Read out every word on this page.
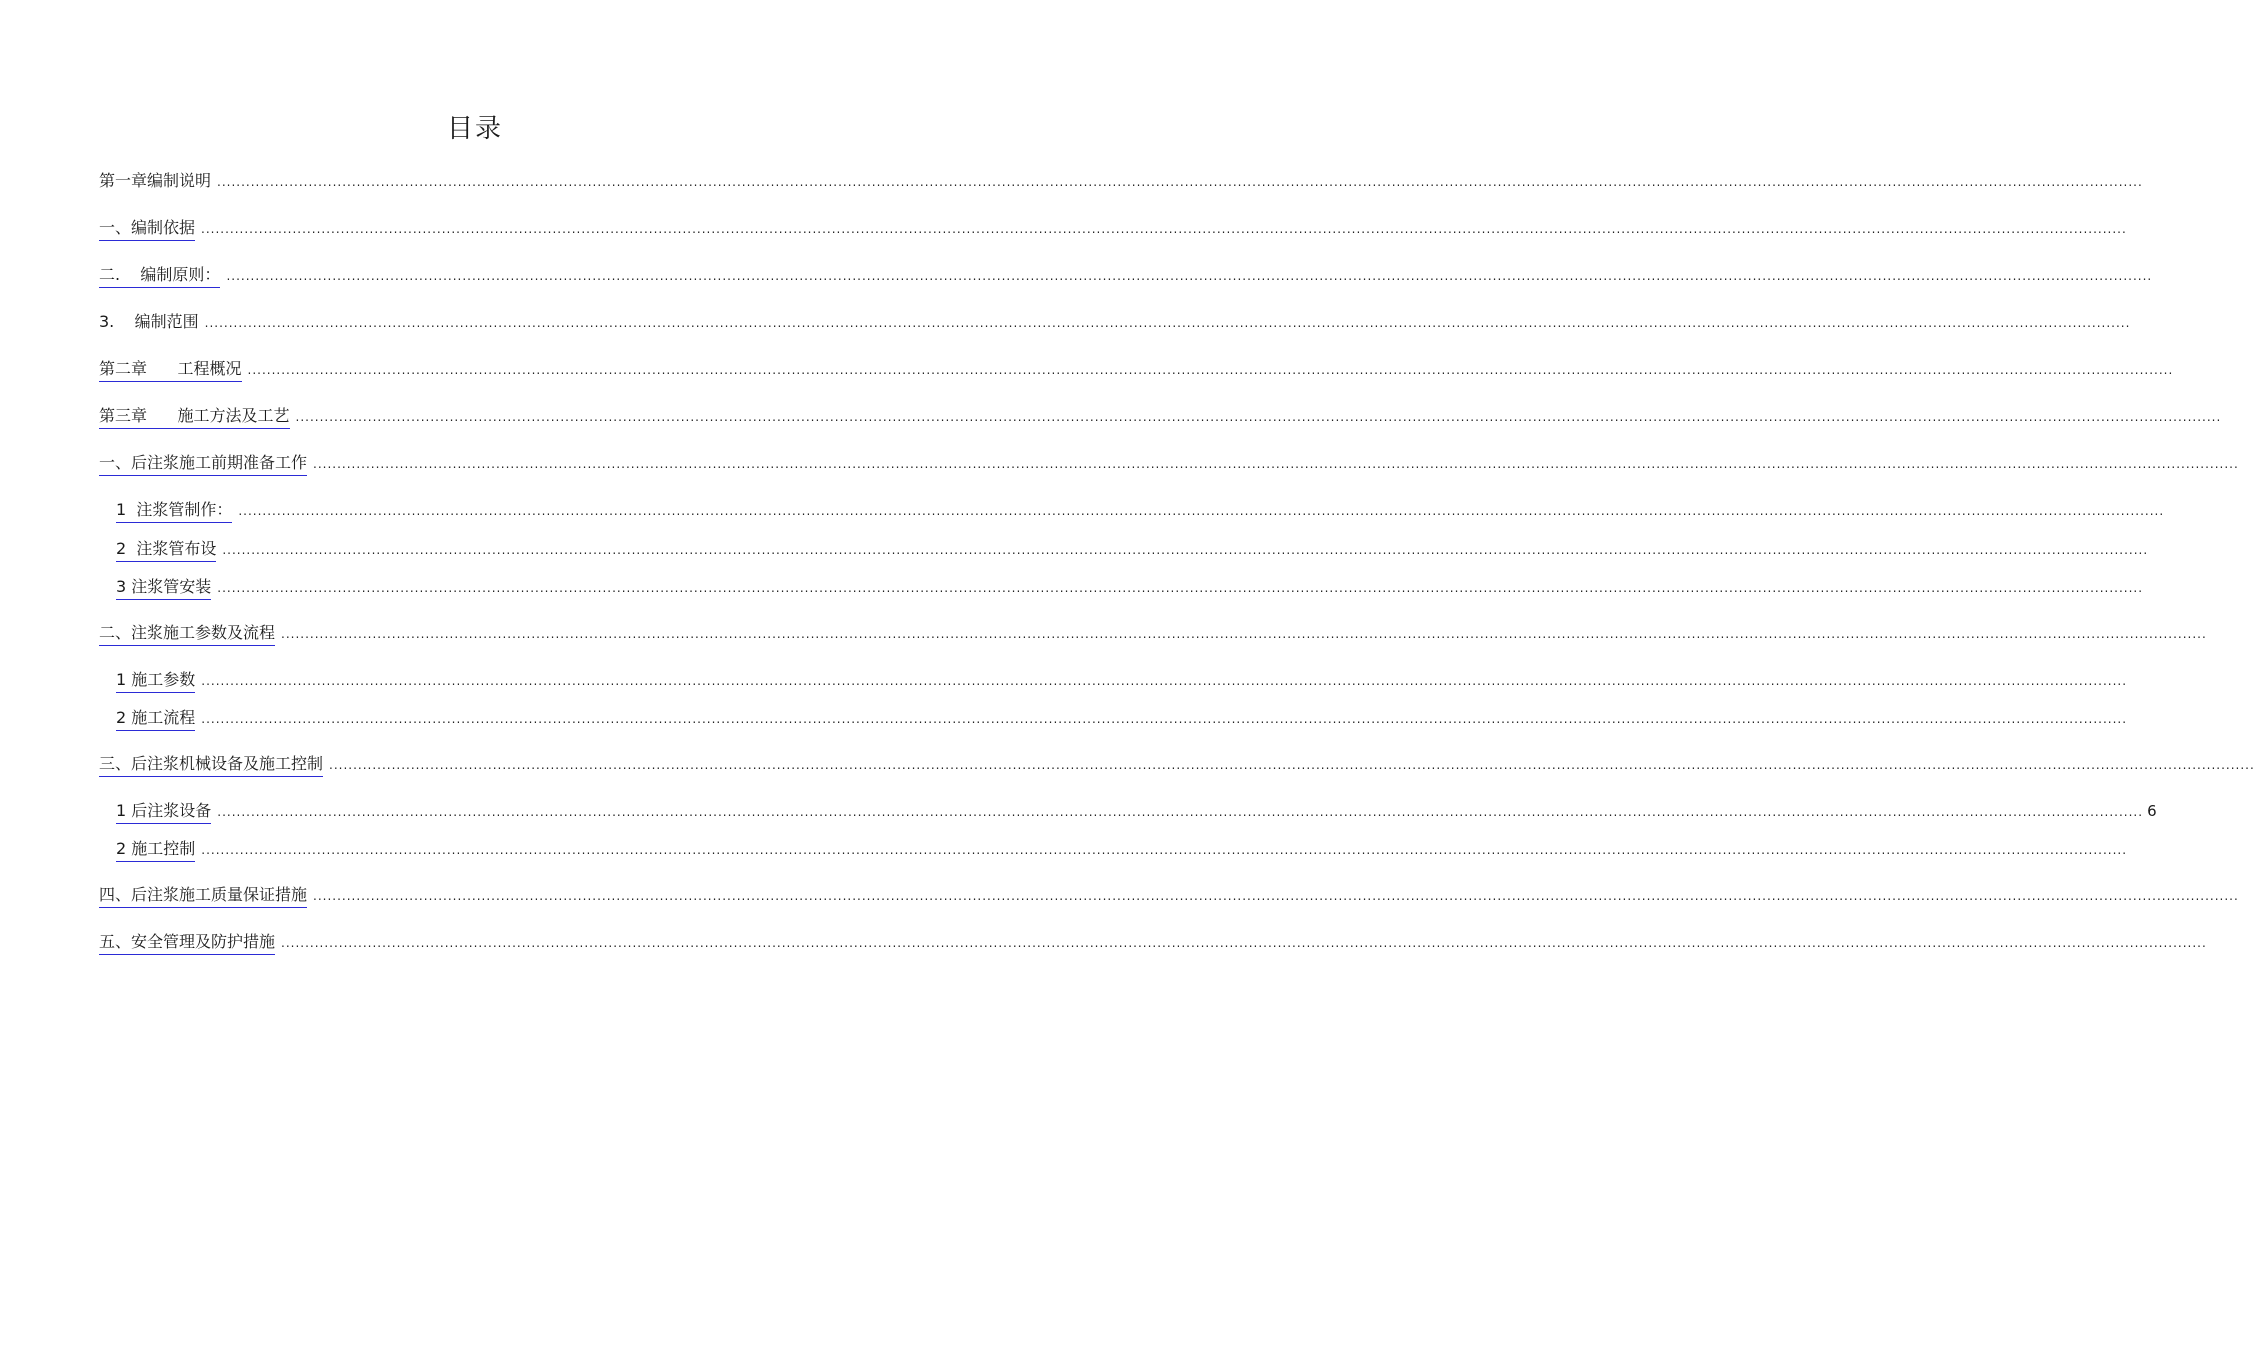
目录
第一章编制说明 ................................................................................................................................................................................................................................................................................................................................................................................................................
一、编制依据 ................................................................................................................................................................................................................................................................................................................................................................................................................
二.    编制原则： ................................................................................................................................................................................................................................................................................................................................................................................................................
3.    编制范围 ................................................................................................................................................................................................................................................................................................................................................................................................................
第二章      工程概况 ................................................................................................................................................................................................................................................................................................................................................................................................................
第三章      施工方法及工艺 ................................................................................................................................................................................................................................................................................................................................................................................................................
一、后注浆施工前期准备工作 ................................................................................................................................................................................................................................................................................................................................................................................................................
1  注浆管制作： ................................................................................................................................................................................................................................................................................................................................................................................................................
2  注浆管布设 ................................................................................................................................................................................................................................................................................................................................................................................................................
3 注浆管安装 ................................................................................................................................................................................................................................................................................................................................................................................................................
二、注浆施工参数及流程 ................................................................................................................................................................................................................................................................................................................................................................................................................
1 施工参数 ................................................................................................................................................................................................................................................................................................................................................................................................................
2 施工流程 ................................................................................................................................................................................................................................................................................................................................................................................................................
三、后注浆机械设备及施工控制 ................................................................................................................................................................................................................................................................................................................................................................................................................
1 后注浆设备 ................................................................................................................................................................................................................................................................................................................................................................................................................ 6
2 施工控制 ................................................................................................................................................................................................................................................................................................................................................................................................................
四、后注浆施工质量保证措施 ................................................................................................................................................................................................................................................................................................................................................................................................................
五、安全管理及防护措施 ................................................................................................................................................................................................................................................................................................................................................................................................................
